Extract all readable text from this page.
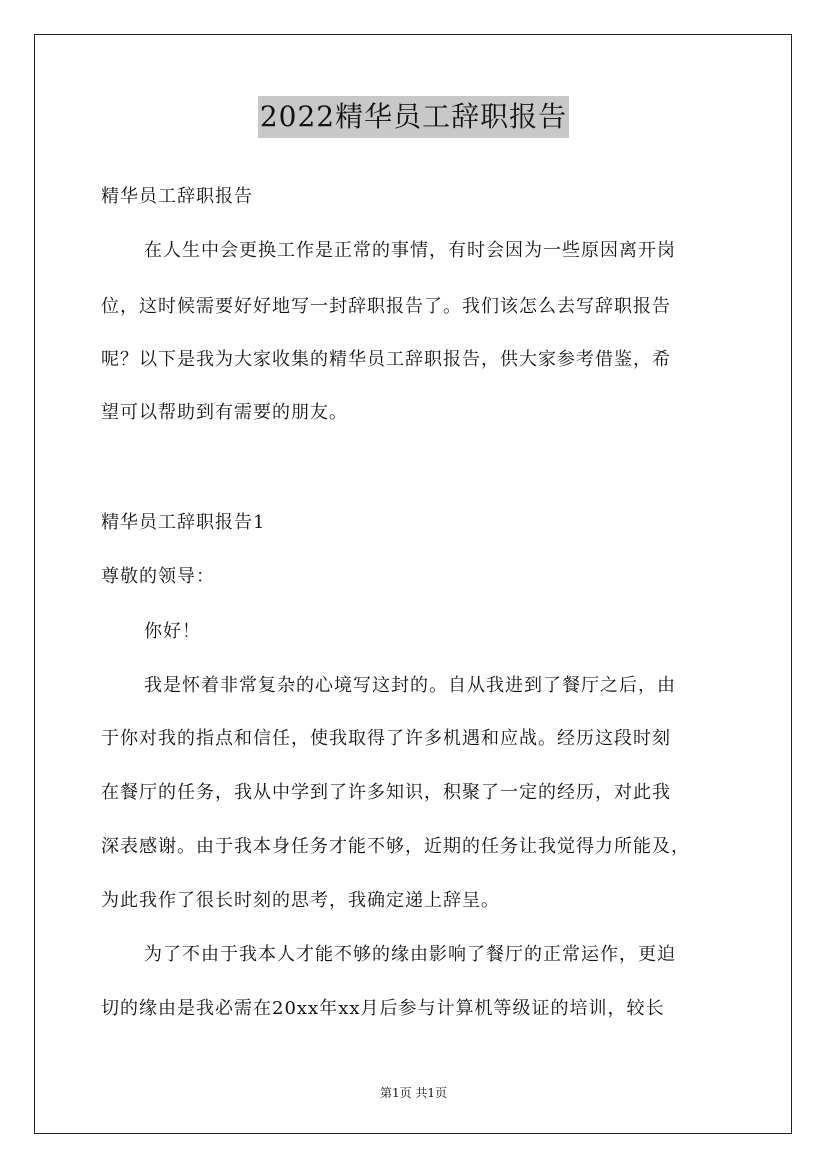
2022精华员工辞职报告
精华员工辞职报告
在人生中会更换工作是正常的事情，有时会因为一些原因离开岗
位，这时候需要好好地写一封辞职报告了。我们该怎么去写辞职报告
呢？以下是我为大家收集的精华员工辞职报告，供大家参考借鉴，希
望可以帮助到有需要的朋友。
精华员工辞职报告1
尊敬的领导：
你好！
我是怀着非常复杂的心境写这封的。自从我进到了餐厅之后，由
于你对我的指点和信任，使我取得了许多机遇和应战。经历这段时刻
在餐厅的任务，我从中学到了许多知识，积聚了一定的经历，对此我
深表感谢。由于我本身任务才能不够，近期的任务让我觉得力所能及，
为此我作了很长时刻的思考，我确定递上辞呈。
为了不由于我本人才能不够的缘由影响了餐厅的正常运作，更迫
切的缘由是我必需在20xx年xx月后参与计算机等级证的培训，较长
第1页 共1页
